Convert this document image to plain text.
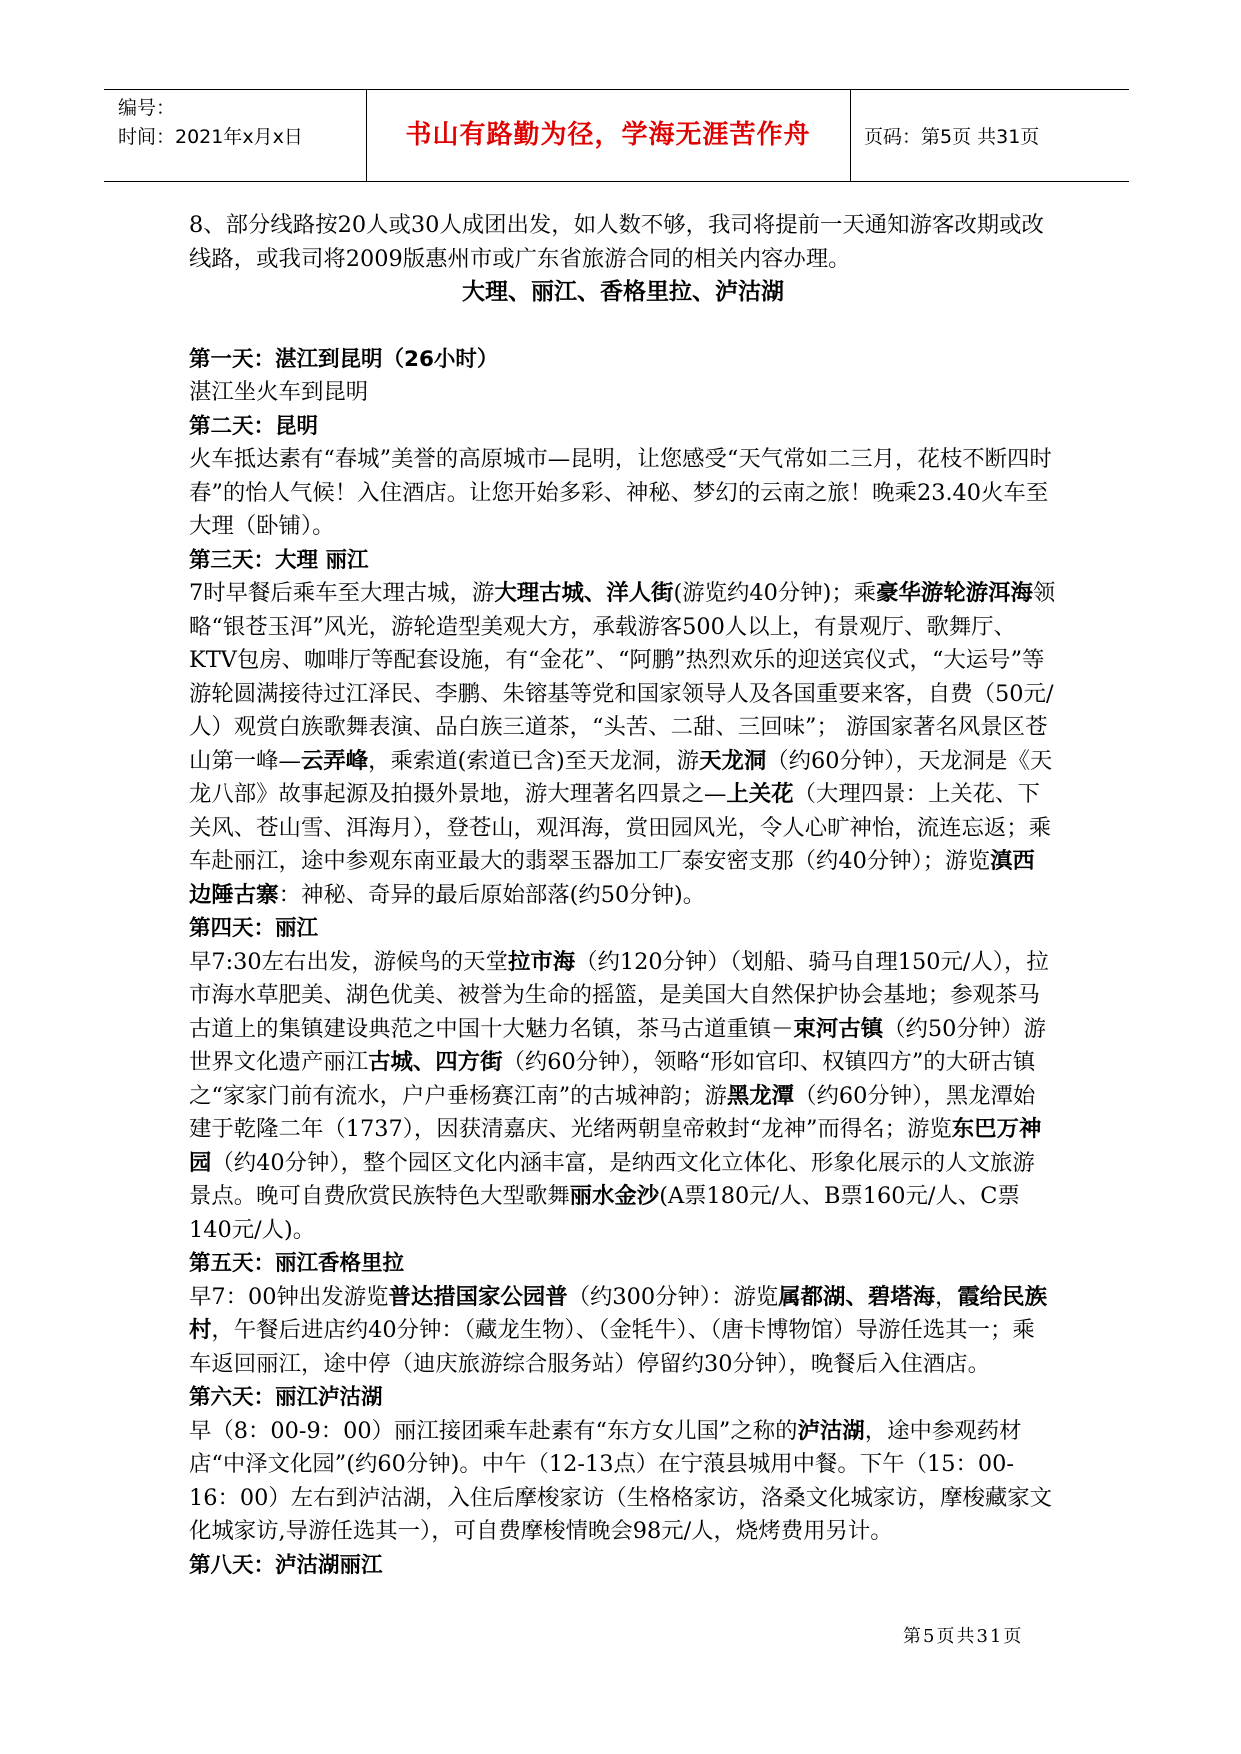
编号：
时间：2021年x月x日	书山有路勤为径，学海无涯苦作舟	页码：第5页 共31页

8、部分线路按20人或30人成团出发，如人数不够，我司将提前一天通知游客改期或改线路，或我司将2009版惠州市或广东省旅游合同的相关内容办理。

大理、丽江、香格里拉、泸沽湖

第一天：湛江到昆明（26小时）

湛江坐火车到昆明

第二天：昆明

火车抵达素有“春城”美誉的高原城市—昆明，让您感受“天气常如二三月，花枝不断四时春”的怡人气候！入住酒店。让您开始多彩、神秘、梦幻的云南之旅！晚乘23.40火车至大理（卧铺）。

第三天：大理 丽江

7时早餐后乘车至大理古城，游大理古城、洋人街(游览约40分钟)；乘豪华游轮游洱海领略“银苍玉洱”风光，游轮造型美观大方，承载游客500人以上，有景观厅、歌舞厅、KTV包房、咖啡厅等配套设施，有“金花”、“阿鹏”热烈欢乐的迎送宾仪式，“大运号”等游轮圆满接待过江泽民、李鹏、朱镕基等党和国家领导人及各国重要来客，自费（50元/人）观赏白族歌舞表演、品白族三道茶，“头苦、二甜、三回味”； 游国家著名风景区苍山第一峰—云弄峰，乘索道(索道已含)至天龙洞，游天龙洞（约60分钟），天龙洞是《天龙八部》故事起源及拍摄外景地，游大理著名四景之—上关花（大理四景：上关花、下关风、苍山雪、洱海月），登苍山，观洱海，赏田园风光，令人心旷神怡，流连忘返；乘车赴丽江，途中参观东南亚最大的翡翠玉器加工厂泰安密支那（约40分钟）；游览滇西边陲古寨：神秘、奇异的最后原始部落(约50分钟)。

第四天：丽江

早7:30左右出发，游候鸟的天堂拉市海（约120分钟）（划船、骑马自理150元/人），拉市海水草肥美、湖色优美、被誉为生命的摇篮，是美国大自然保护协会基地；参观茶马古道上的集镇建设典范之中国十大魅力名镇，茶马古道重镇－束河古镇（约50分钟）游世界文化遗产丽江古城、四方街（约60分钟），领略“形如官印、权镇四方”的大研古镇之“家家门前有流水，户户垂杨赛江南”的古城神韵；游黑龙潭（约60分钟），黑龙潭始建于乾隆二年（1737），因获清嘉庆、光绪两朝皇帝敕封“龙神”而得名；游览东巴万神园（约40分钟），整个园区文化内涵丰富，是纳西文化立体化、形象化展示的人文旅游景点。晚可自费欣赏民族特色大型歌舞丽水金沙(A票180元/人、B票160元/人、C票140元/人)。

第五天：丽江香格里拉

早7：00钟出发游览普达措国家公园普（约300分钟）：游览属都湖、碧塔海，霞给民族村，午餐后进店约40分钟：（藏龙生物）、（金牦牛）、（唐卡博物馆）导游任选其一；乘车返回丽江，途中停（迪庆旅游综合服务站）停留约30分钟），晚餐后入住酒店。

第六天：丽江泸沽湖

早（8：00-9：00）丽江接团乘车赴素有“东方女儿国”之称的泸沽湖，途中参观药材店“中泽文化园”(约60分钟)。中午（12-13点）在宁蒗县城用中餐。下午（15：00-16：00）左右到泸沽湖，入住后摩梭家访（生格格家访，洛桑文化城家访，摩梭藏家文化城家访,导游任选其一），可自费摩梭情晚会98元/人，烧烤费用另计。

第八天：泸沽湖丽江

第5页共31页
